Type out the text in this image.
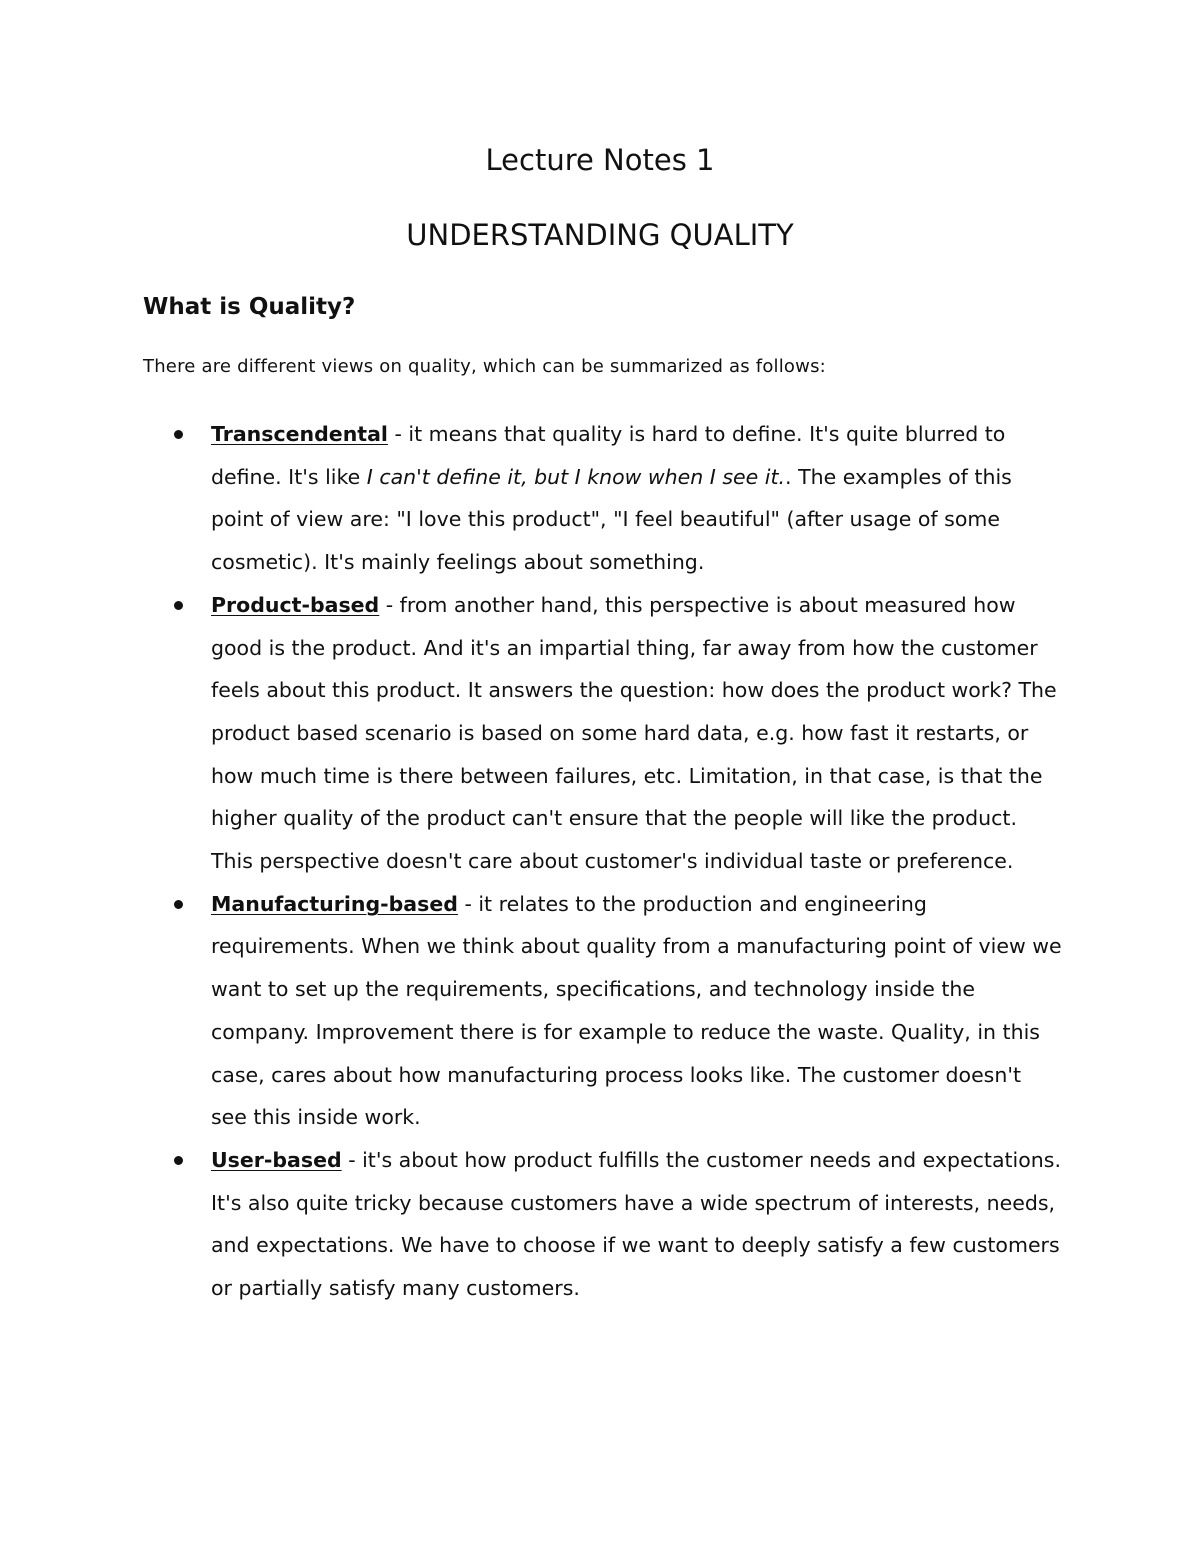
Lecture Notes 1
UNDERSTANDING QUALITY
What is Quality?

There are different views on quality, which can be summarized as follows:

Transcendental - it means that quality is hard to define. It's quite blurred to define. It's like I can't define it, but I know when I see it.. The examples of this point of view are: "I love this product", "I feel beautiful" (after usage of some cosmetic). It's mainly feelings about something.
Product-based - from another hand, this perspective is about measured how good is the product. And it's an impartial thing, far away from how the customer feels about this product. It answers the question: how does the product work? The product based scenario is based on some hard data, e.g. how fast it restarts, or how much time is there between failures, etc. Limitation, in that case, is that the higher quality of the product can't ensure that the people will like the product. This perspective doesn't care about customer's individual taste or preference.
Manufacturing-based - it relates to the production and engineering requirements. When we think about quality from a manufacturing point of view we want to set up the requirements, specifications, and technology inside the company. Improvement there is for example to reduce the waste. Quality, in this case, cares about how manufacturing process looks like. The customer doesn't see this inside work.
User-based - it's about how product fulfills the customer needs and expectations. It's also quite tricky because customers have a wide spectrum of interests, needs, and expectations. We have to choose if we want to deeply satisfy a few customers or partially satisfy many customers.
